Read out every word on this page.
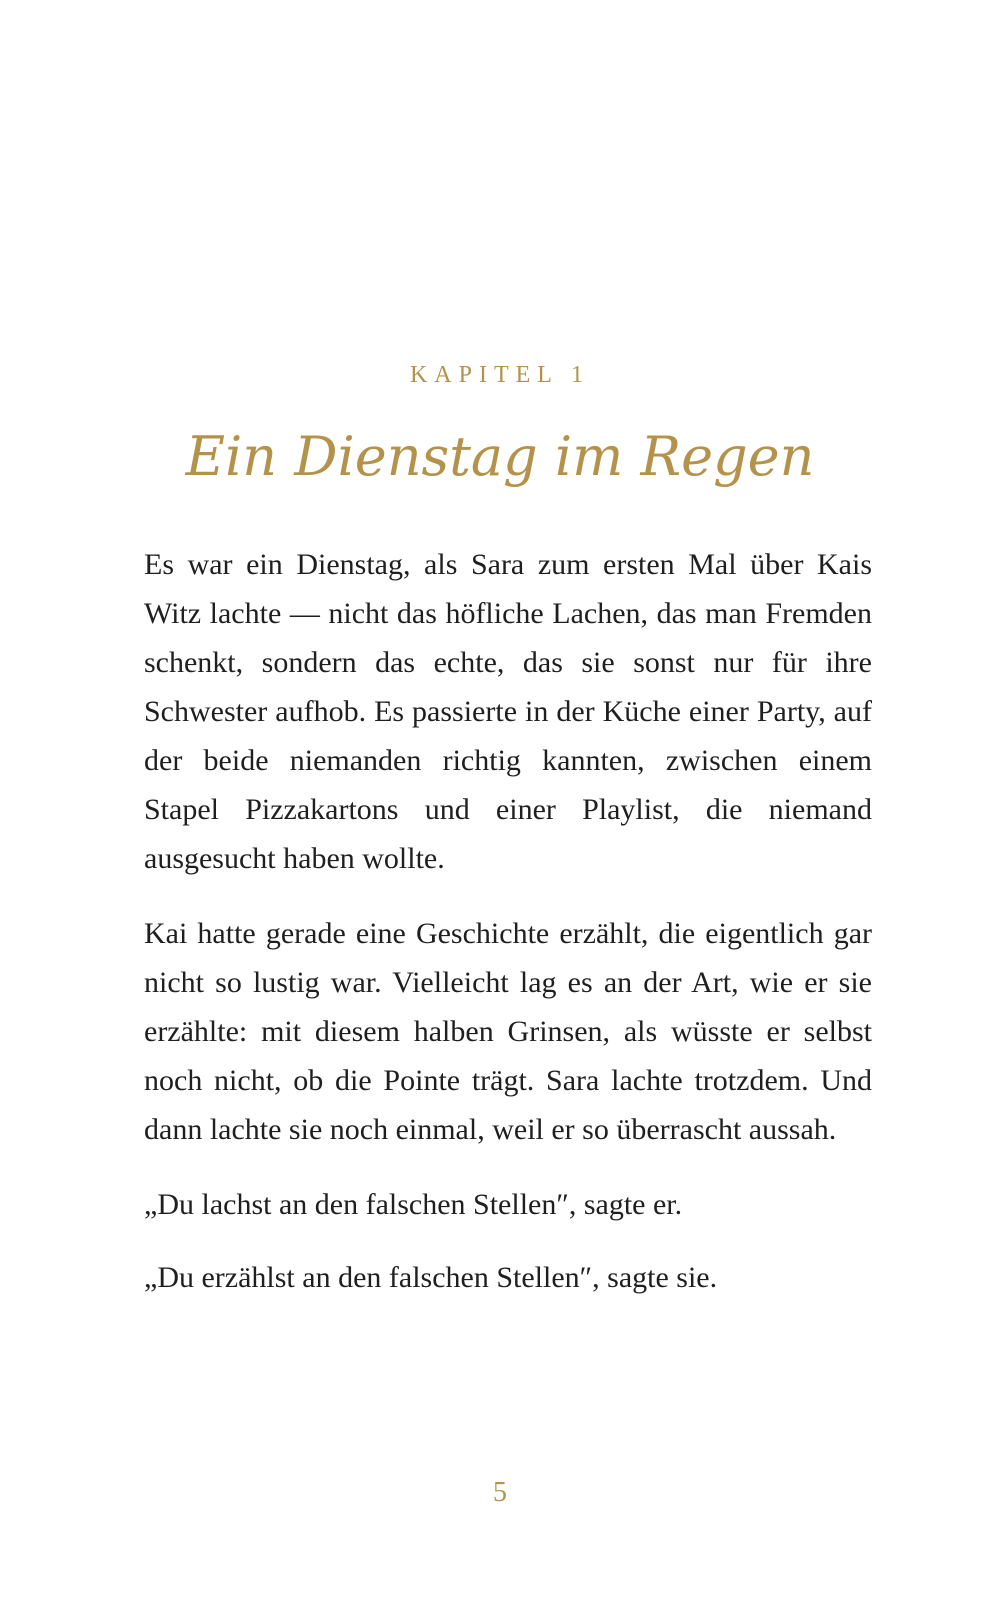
KAPITEL 1
Ein Dienstag im Regen

Es war ein Dienstag, als Sara zum ersten Mal über Kais Witz lachte — nicht das höfliche Lachen, das man Fremden schenkt, sondern das echte, das sie sonst nur für ihre Schwester aufhob. Es passierte in der Küche einer Party, auf der beide niemanden richtig kannten, zwischen einem Stapel Pizzakartons und einer Playlist, die niemand ausgesucht haben wollte.

Kai hatte gerade eine Geschichte erzählt, die eigentlich gar nicht so lustig war. Vielleicht lag es an der Art, wie er sie erzählte: mit diesem halben Grinsen, als wüsste er selbst noch nicht, ob die Pointe trägt. Sara lachte trotzdem. Und dann lachte sie noch einmal, weil er so überrascht aussah.

„Du lachst an den falschen Stellen″, sagte er.

„Du erzählst an den falschen Stellen″, sagte sie.

5
